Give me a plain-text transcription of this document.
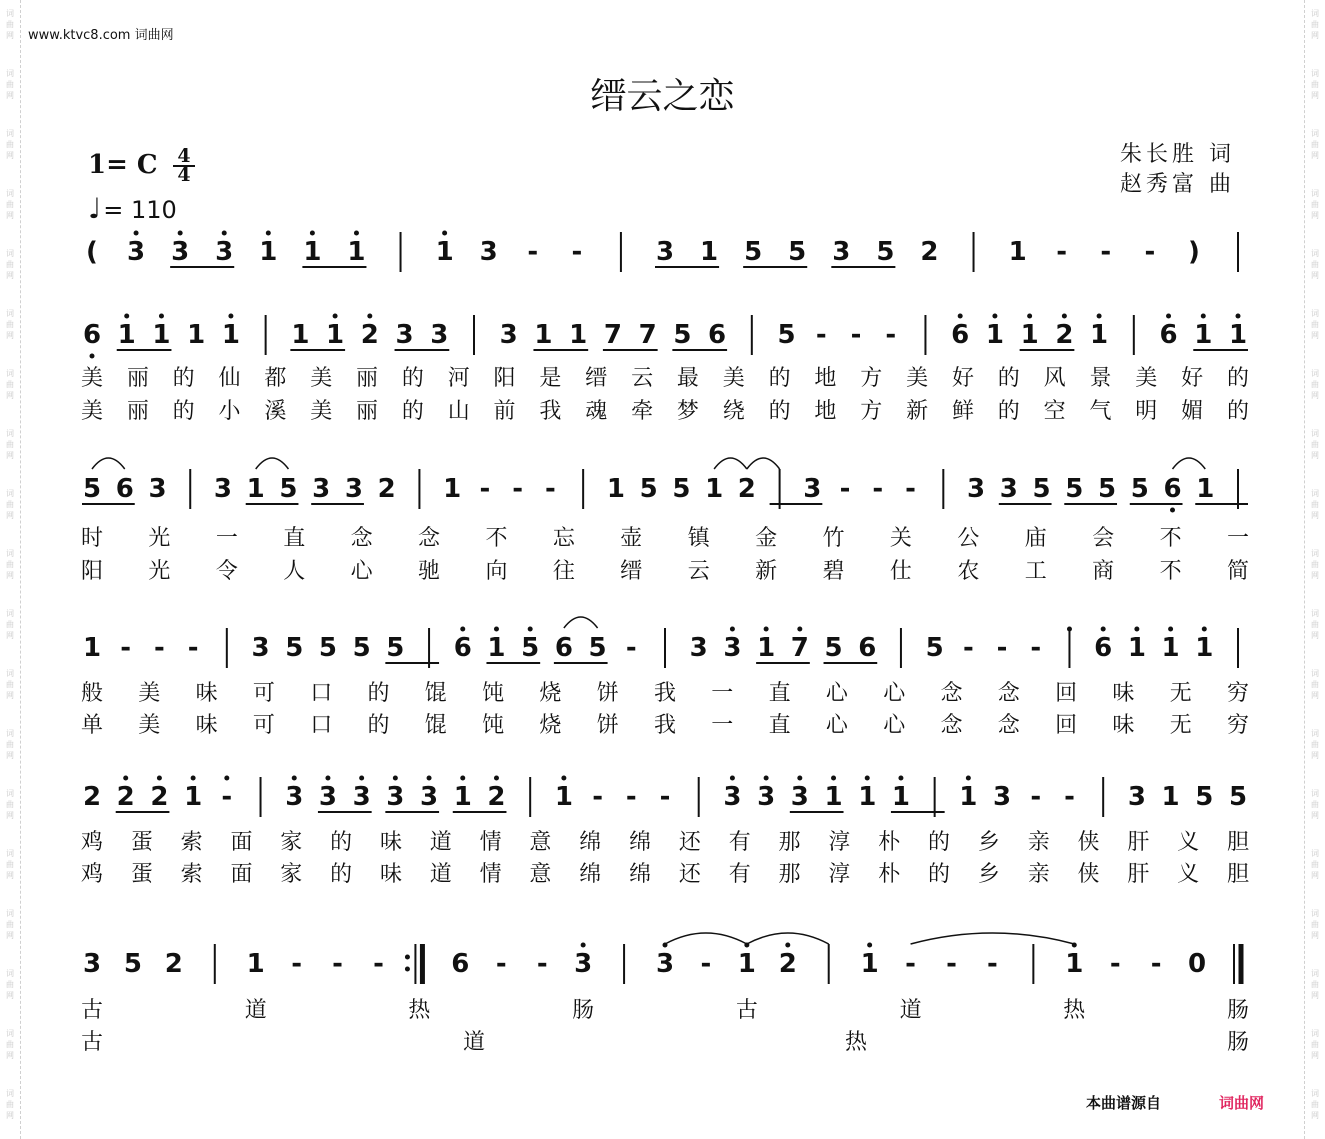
词曲网
词曲网
词曲网
词曲网
词曲网
词曲网
词曲网
词曲网
词曲网
词曲网
词曲网
词曲网
词曲网
词曲网
词曲网
词曲网
词曲网
词曲网
词曲网
词曲网
词曲网
词曲网
词曲网
词曲网
词曲网
词曲网
词曲网
词曲网
词曲网
词曲网
词曲网
词曲网
词曲网
词曲网
词曲网
词曲网
词曲网
词曲网
www.ktvc8.com 词曲网
缙云之恋
1= C 4
4
♩= 110
朱长胜 词
赵秀富 曲
( 3 3 3 1 1 1	1 3 - -	3 1 5 5 3 5 2	1 - - - )
6 1 1 1 1 1 1 2 3 3 3 1 1 7 7 5 6 5 - - - 6 1 1 2 1 6 1 1
美 丽 的 仙 都 美 丽 的 河 阳 是 缙 云 最 美 的 地 方 美 好 的 风 景 美 好 的
美 丽 的 小 溪 美 丽 的 山 前 我 魂 牵 梦 绕 的 地 方 新 鲜 的 空 气 明 媚 的
5 6 3 3 1 5 3 3 2 1 - - - 1 5 5 1 2 3 - - - 3 3 5 5 5 5 6 1
时 光 一 直 念 念 不 忘 壶 镇 金 竹 关 公 庙 会 不 一
阳 光 令 人 心 驰 向 往 缙 云 新 碧 仕 农 工 商 不 简
1 - - - 3 5 5 5 5 6 1 5 6 5 - 3 3 1 7 5 6 5 - - - 6 1 1 1
般 美 味 可 口 的 馄 饨 烧 饼 我 一 直 心 心 念 念 回 味 无 穷
单 美 味 可 口 的 馄 饨 烧 饼 我 一 直 心 心 念 念 回 味 无 穷
2 2 2 1 - 3 3 3 3 3 1 2 1 - - - 3 3 3 1 1 1 1 3 - - 3 1 5 5
鸡 蛋 索 面 家 的 味 道 情 意 绵 绵 还 有 那 淳 朴 的 乡 亲 侠 肝 义 胆
鸡 蛋 索 面 家 的 味 道 情 意 绵 绵 还 有 那 淳 朴 的 乡 亲 侠 肝 义 胆
3 5 2 1 - - -	6 - - 3 3 - 1 2 1 - - -	1 - - 0
古	道	热	肠	古	道	热	肠
古	道	热	肠
本曲谱源自	词曲网
